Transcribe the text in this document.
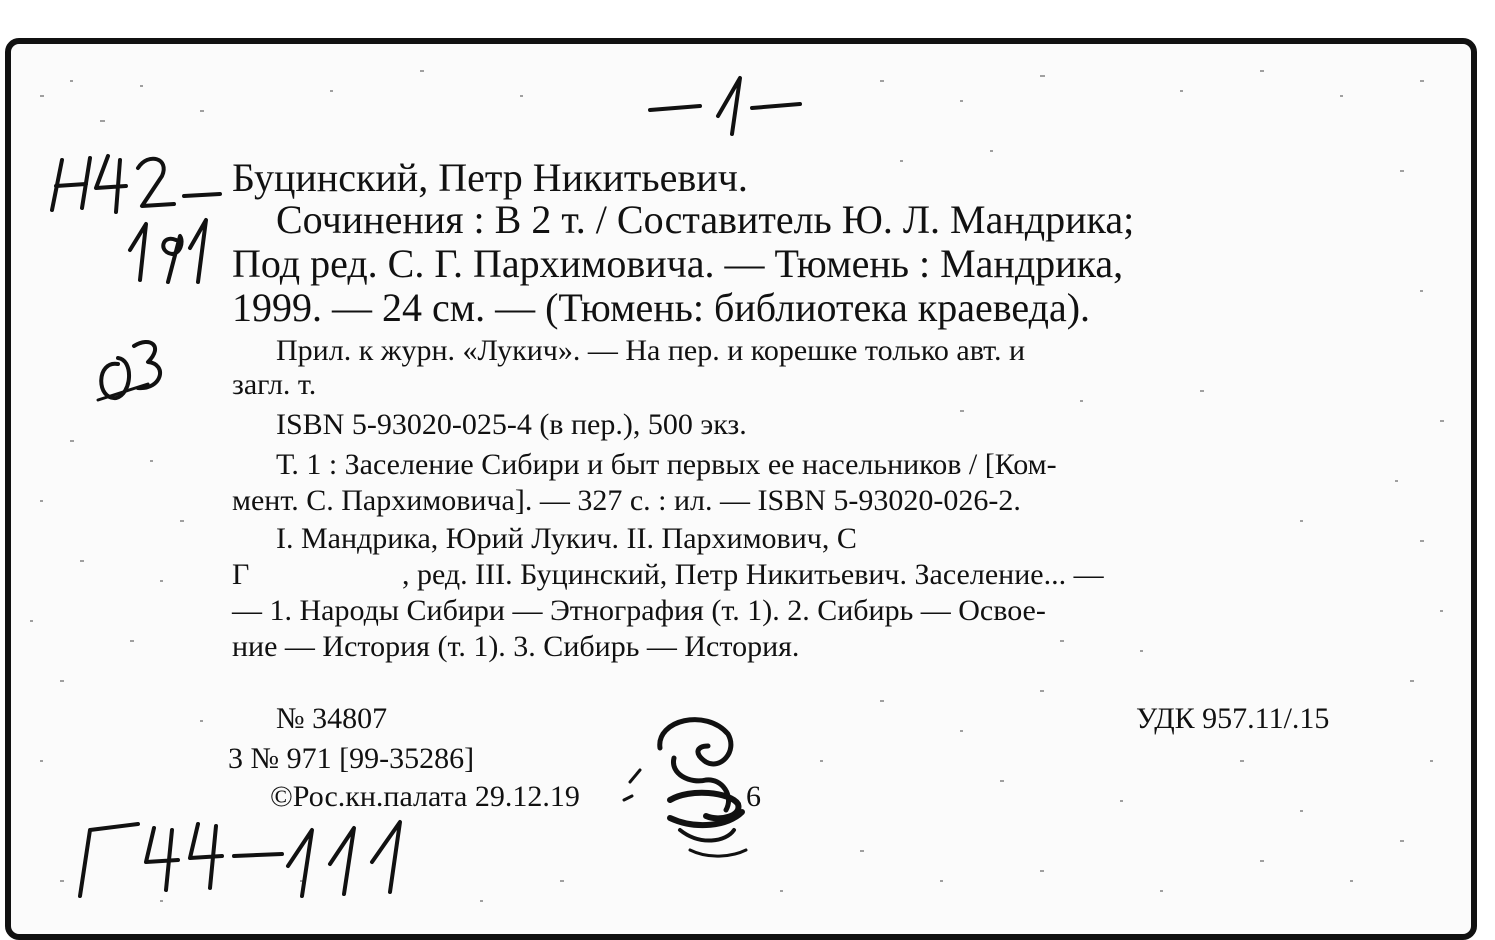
Буцинский, Петр Никитьевич.
Сочинения : В 2 т. / Составитель Ю. Л. Мандрика;
Под ред. С. Г. Пархимовича. — Тюмень : Мандрика,
1999. — 24 см. — (Тюмень: библиотека краеведа).
Прил. к журн. «Лукич». — На пер. и корешке только авт. и
загл. т.
ISBN 5-93020-025-4 (в пер.), 500 экз.
Т. 1 : Заселение Сибири и быт первых ее насельников / [Ком-
мент. С. Пархимовича]. — 327 с. : ил. — ISBN 5-93020-026-2.
I. Мандрика, Юрий Лукич. II. Пархимович, С
Г	, ред. III. Буцинский, Петр Никитьевич. Заселение... —
— 1. Народы Сибири — Этнография (т. 1). 2. Сибирь — Освое-
ние — История (т. 1). 3. Сибирь — История.
№ 34807
3 № 971 [99-35286]
©Рос.кн.палата 29.12.19	6
УДК 957.11/.15
